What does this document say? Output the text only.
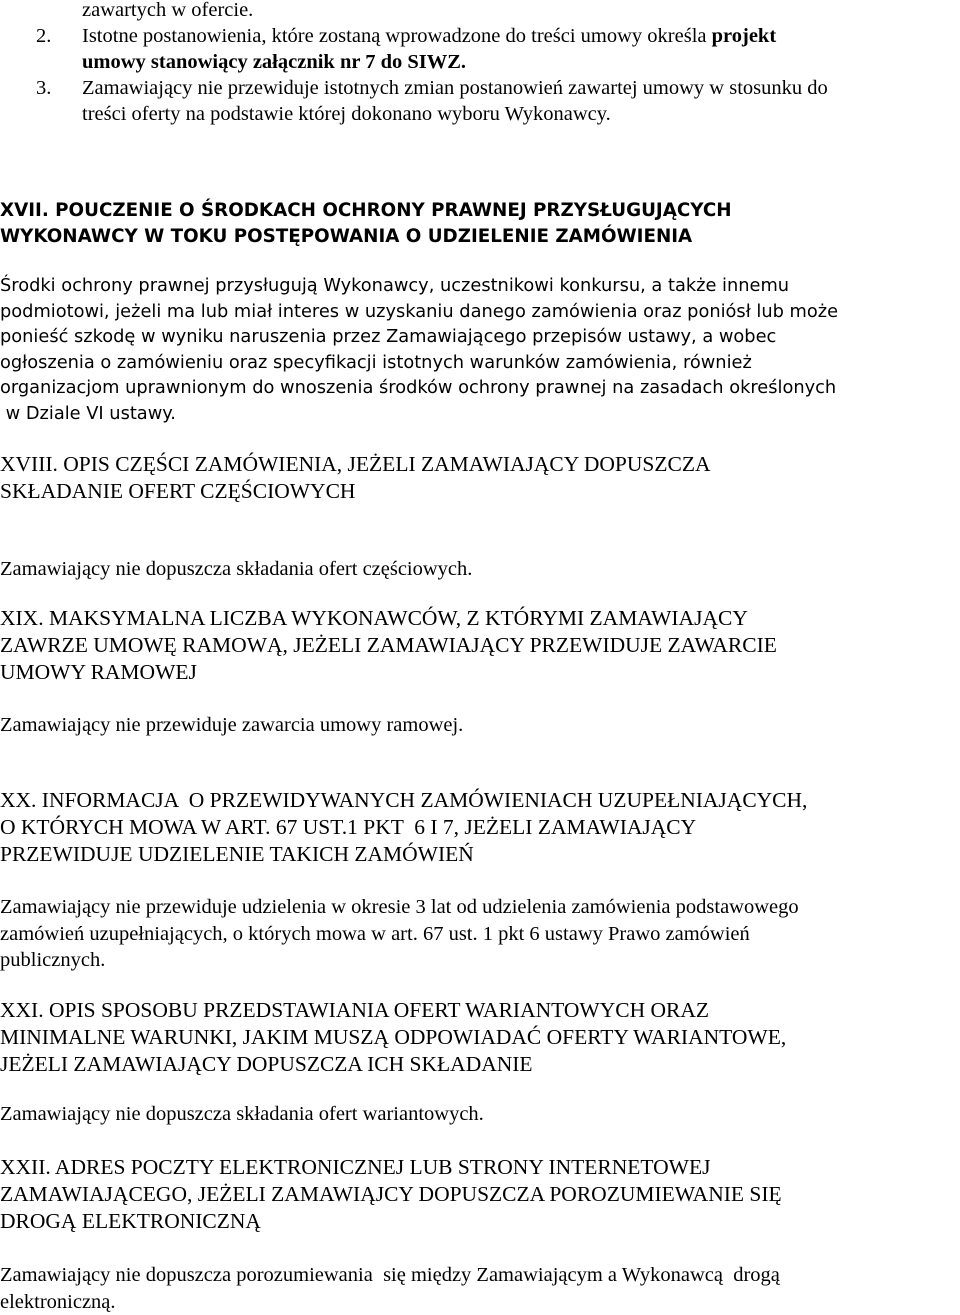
zawartych w ofercie.
2. Istotne postanowienia, które zostaną wprowadzone do treści umowy określa projekt
umowy stanowiący załącznik nr 7 do SIWZ.
3. Zamawiający nie przewiduje istotnych zmian postanowień zawartej umowy w stosunku do
treści oferty na podstawie której dokonano wyboru Wykonawcy.
XVII. POUCZENIE O ŚRODKACH OCHRONY PRAWNEJ PRZYSŁUGUJĄCYCH
WYKONAWCY W TOKU POSTĘPOWANIA O UDZIELENIE ZAMÓWIENIA
Środki ochrony prawnej przysługują Wykonawcy, uczestnikowi konkursu, a także innemu
podmiotowi, jeżeli ma lub miał interes w uzyskaniu danego zamówienia oraz poniósł lub może
ponieść szkodę w wyniku naruszenia przez Zamawiającego przepisów ustawy, a wobec
ogłoszenia o zamówieniu oraz specyfikacji istotnych warunków zamówienia, również
organizacjom uprawnionym do wnoszenia środków ochrony prawnej na zasadach określonych
w Dziale VI ustawy.
XVIII. OPIS CZĘŚCI ZAMÓWIENIA, JEŻELI ZAMAWIAJĄCY DOPUSZCZA
SKŁADANIE OFERT CZĘŚCIOWYCH
Zamawiający nie dopuszcza składania ofert częściowych.
XIX. MAKSYMALNA LICZBA WYKONAWCÓW, Z KTÓRYMI ZAMAWIAJĄCY
ZAWRZE UMOWĘ RAMOWĄ, JEŻELI ZAMAWIAJĄCY PRZEWIDUJE ZAWARCIE
UMOWY RAMOWEJ
Zamawiający nie przewiduje zawarcia umowy ramowej.
XX. INFORMACJA  O PRZEWIDYWANYCH ZAMÓWIENIACH UZUPEŁNIAJĄCYCH,
O KTÓRYCH MOWA W ART. 67 UST.1 PKT  6 I 7, JEŻELI ZAMAWIAJĄCY
PRZEWIDUJE UDZIELENIE TAKICH ZAMÓWIEŃ
Zamawiający nie przewiduje udzielenia w okresie 3 lat od udzielenia zamówienia podstawowego
zamówień uzupełniających, o których mowa w art. 67 ust. 1 pkt 6 ustawy Prawo zamówień
publicznych.
XXI. OPIS SPOSOBU PRZEDSTAWIANIA OFERT WARIANTOWYCH ORAZ
MINIMALNE WARUNKI, JAKIM MUSZĄ ODPOWIADAĆ OFERTY WARIANTOWE,
JEŻELI ZAMAWIAJĄCY DOPUSZCZA ICH SKŁADANIE
Zamawiający nie dopuszcza składania ofert wariantowych.
XXII. ADRES POCZTY ELEKTRONICZNEJ LUB STRONY INTERNETOWEJ
ZAMAWIAJĄCEGO, JEŻELI ZAMAWIĄJCY DOPUSZCZA POROZUMIEWANIE SIĘ
DROGĄ ELEKTRONICZNĄ
Zamawiający nie dopuszcza porozumiewania  się między Zamawiającym a Wykonawcą  drogą
elektroniczną.
